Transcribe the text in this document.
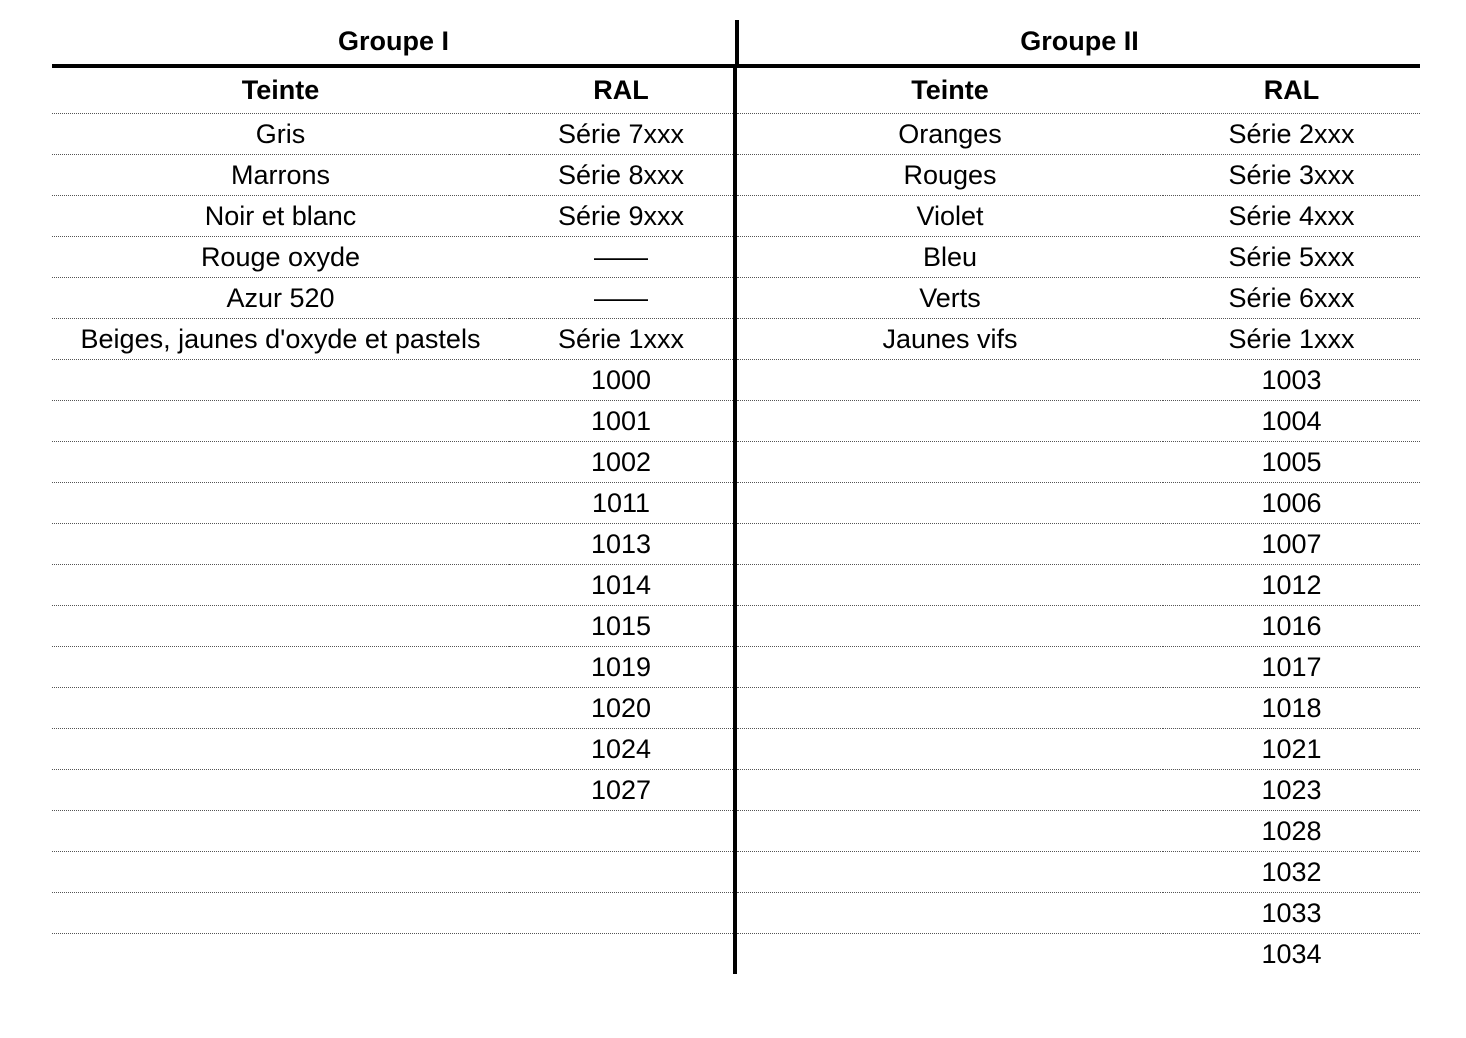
Groupe I	Groupe II
Teinte	RAL	Teinte	RAL
Gris	Série 7xxx	Oranges	Série 2xxx
Marrons	Série 8xxx	Rouges	Série 3xxx
Noir et blanc	Série 9xxx	Violet	Série 4xxx
Rouge oxyde	——	Bleu	Série 5xxx
Azur 520	——	Verts	Série 6xxx
Beiges, jaunes d'oxyde et pastels	Série 1xxx	Jaunes vifs	Série 1xxx
	1000		1003
	1001		1004
	1002		1005
	1011		1006
	1013		1007
	1014		1012
	1015		1016
	1019		1017
	1020		1018
	1024		1021
	1027		1023
			1028
			1032
			1033
			1034
